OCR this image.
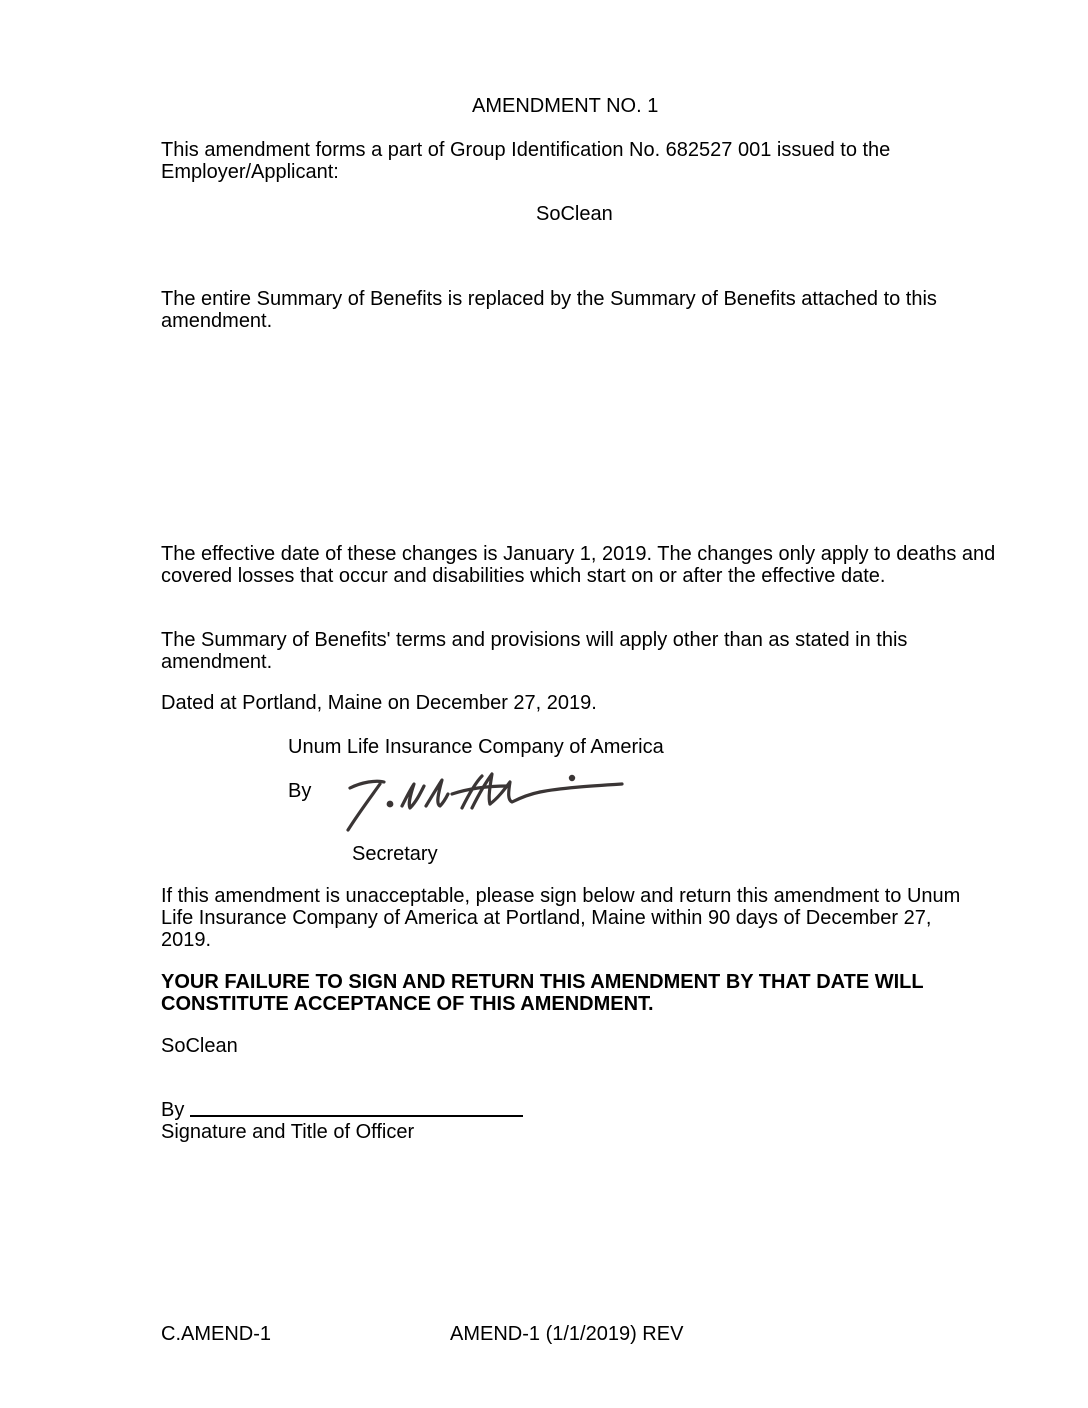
AMENDMENT NO. 1

This amendment forms a part of Group Identification No. 682527 001 issued to the Employer/Applicant:

SoClean

The entire Summary of Benefits is replaced by the Summary of Benefits attached to this amendment.

The effective date of these changes is January 1, 2019. The changes only apply to deaths and covered losses that occur and disabilities which start on or after the effective date.

The Summary of Benefits' terms and provisions will apply other than as stated in this amendment.

Dated at Portland, Maine on December 27, 2019.

Unum Life Insurance Company of America

By

Secretary

If this amendment is unacceptable, please sign below and return this amendment to Unum Life Insurance Company of America at Portland, Maine within 90 days of December 27, 2019.

YOUR FAILURE TO SIGN AND RETURN THIS AMENDMENT BY THAT DATE WILL CONSTITUTE ACCEPTANCE OF THIS AMENDMENT.

SoClean

By

Signature and Title of Officer

C.AMEND-1	AMEND-1 (1/1/2019) REV
